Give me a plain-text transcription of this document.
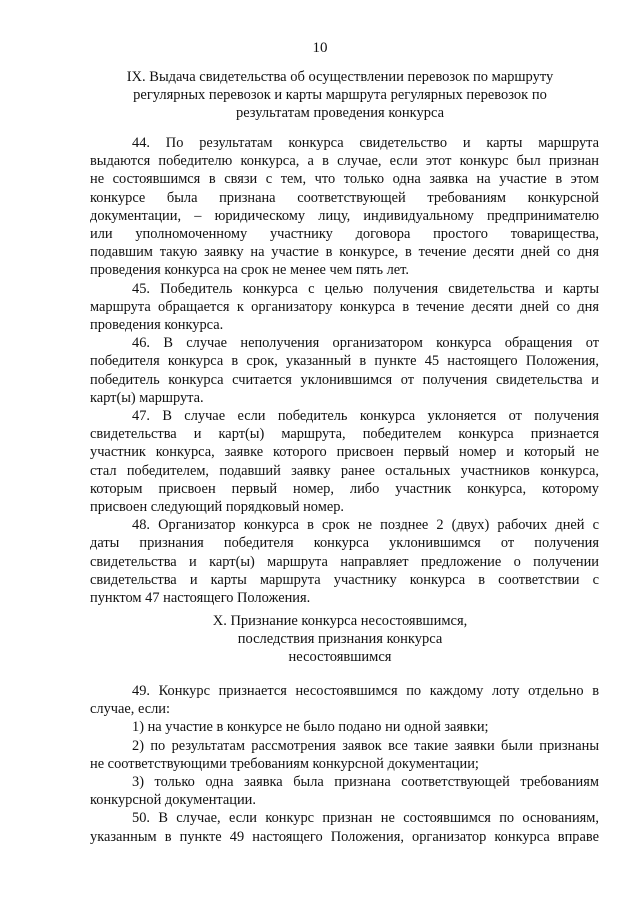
10
IX. Выдача свидетельства об осуществлении перевозок по маршруту
регулярных перевозок и карты маршрута регулярных перевозок по
результатам проведения конкурса
44. По результатам конкурса свидетельство и карты маршрута
выдаются победителю конкурса, а в случае, если этот конкурс был признан
не состоявшимся в связи с тем, что только одна заявка на участие в этом
конкурсе была признана соответствующей требованиям конкурсной
документации, – юридическому лицу, индивидуальному предпринимателю
или уполномоченному участнику договора простого товарищества,
подавшим такую заявку на участие в конкурсе, в течение десяти дней со дня
проведения конкурса на срок не менее чем пять лет.
45. Победитель конкурса с целью получения свидетельства и карты
маршрута обращается к организатору конкурса в течение десяти дней со дня
проведения конкурса.
46. В случае неполучения организатором конкурса обращения от
победителя конкурса в срок, указанный в пункте 45 настоящего Положения,
победитель конкурса считается уклонившимся от получения свидетельства и
карт(ы) маршрута.
47. В случае если победитель конкурса уклоняется от получения
свидетельства и карт(ы) маршрута, победителем конкурса признается
участник конкурса, заявке которого присвоен первый номер и который не
стал победителем, подавший заявку ранее остальных участников конкурса,
которым присвоен первый номер, либо участник конкурса, которому
присвоен следующий порядковый номер.
48. Организатор конкурса в срок не позднее 2 (двух) рабочих дней с
даты признания победителя конкурса уклонившимся от получения
свидетельства и карт(ы) маршрута направляет предложение о получении
свидетельства и карты маршрута участнику конкурса в соответствии с
пунктом 47 настоящего Положения.
X. Признание конкурса несостоявшимся,
последствия признания конкурса
несостоявшимся
49. Конкурс признается несостоявшимся по каждому лоту отдельно в
случае, если:
1) на участие в конкурсе не было подано ни одной заявки;
2) по результатам рассмотрения заявок все такие заявки были признаны
не соответствующими требованиям конкурсной документации;
3) только одна заявка была признана соответствующей требованиям
конкурсной документации.
50. В случае, если конкурс признан не состоявшимся по основаниям,
указанным в пункте 49 настоящего Положения, организатор конкурса вправе
